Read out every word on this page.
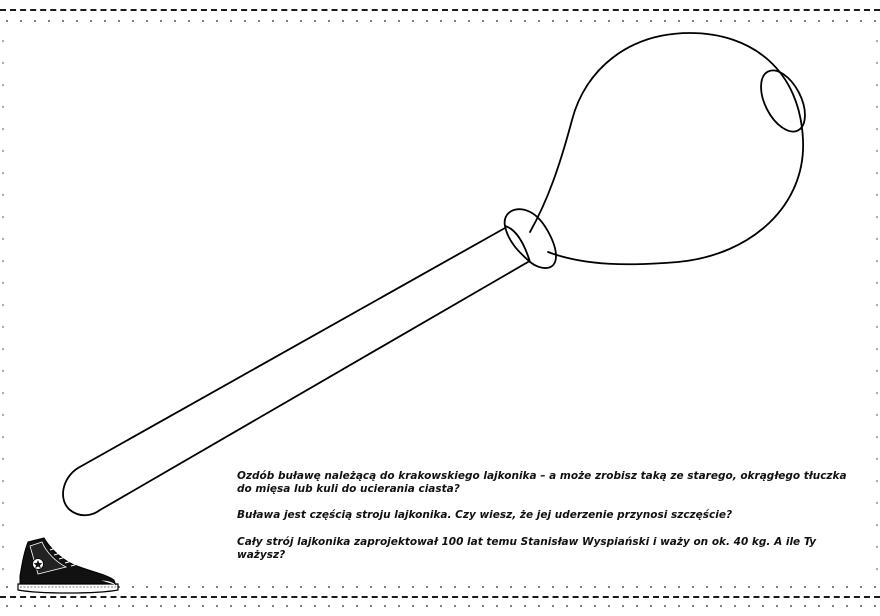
Ozdób buławę należącą do krakowskiego lajkonika – a może zrobisz taką ze starego, okrągłego tłuczka do mięsa lub kuli do ucierania ciasta?

Buława jest częścią stroju lajkonika. Czy wiesz, że jej uderzenie przynosi szczęście?

Cały strój lajkonika zaprojektował 100 lat temu Stanisław Wyspiański i waży on ok. 40 kg. A ile Ty ważysz?
